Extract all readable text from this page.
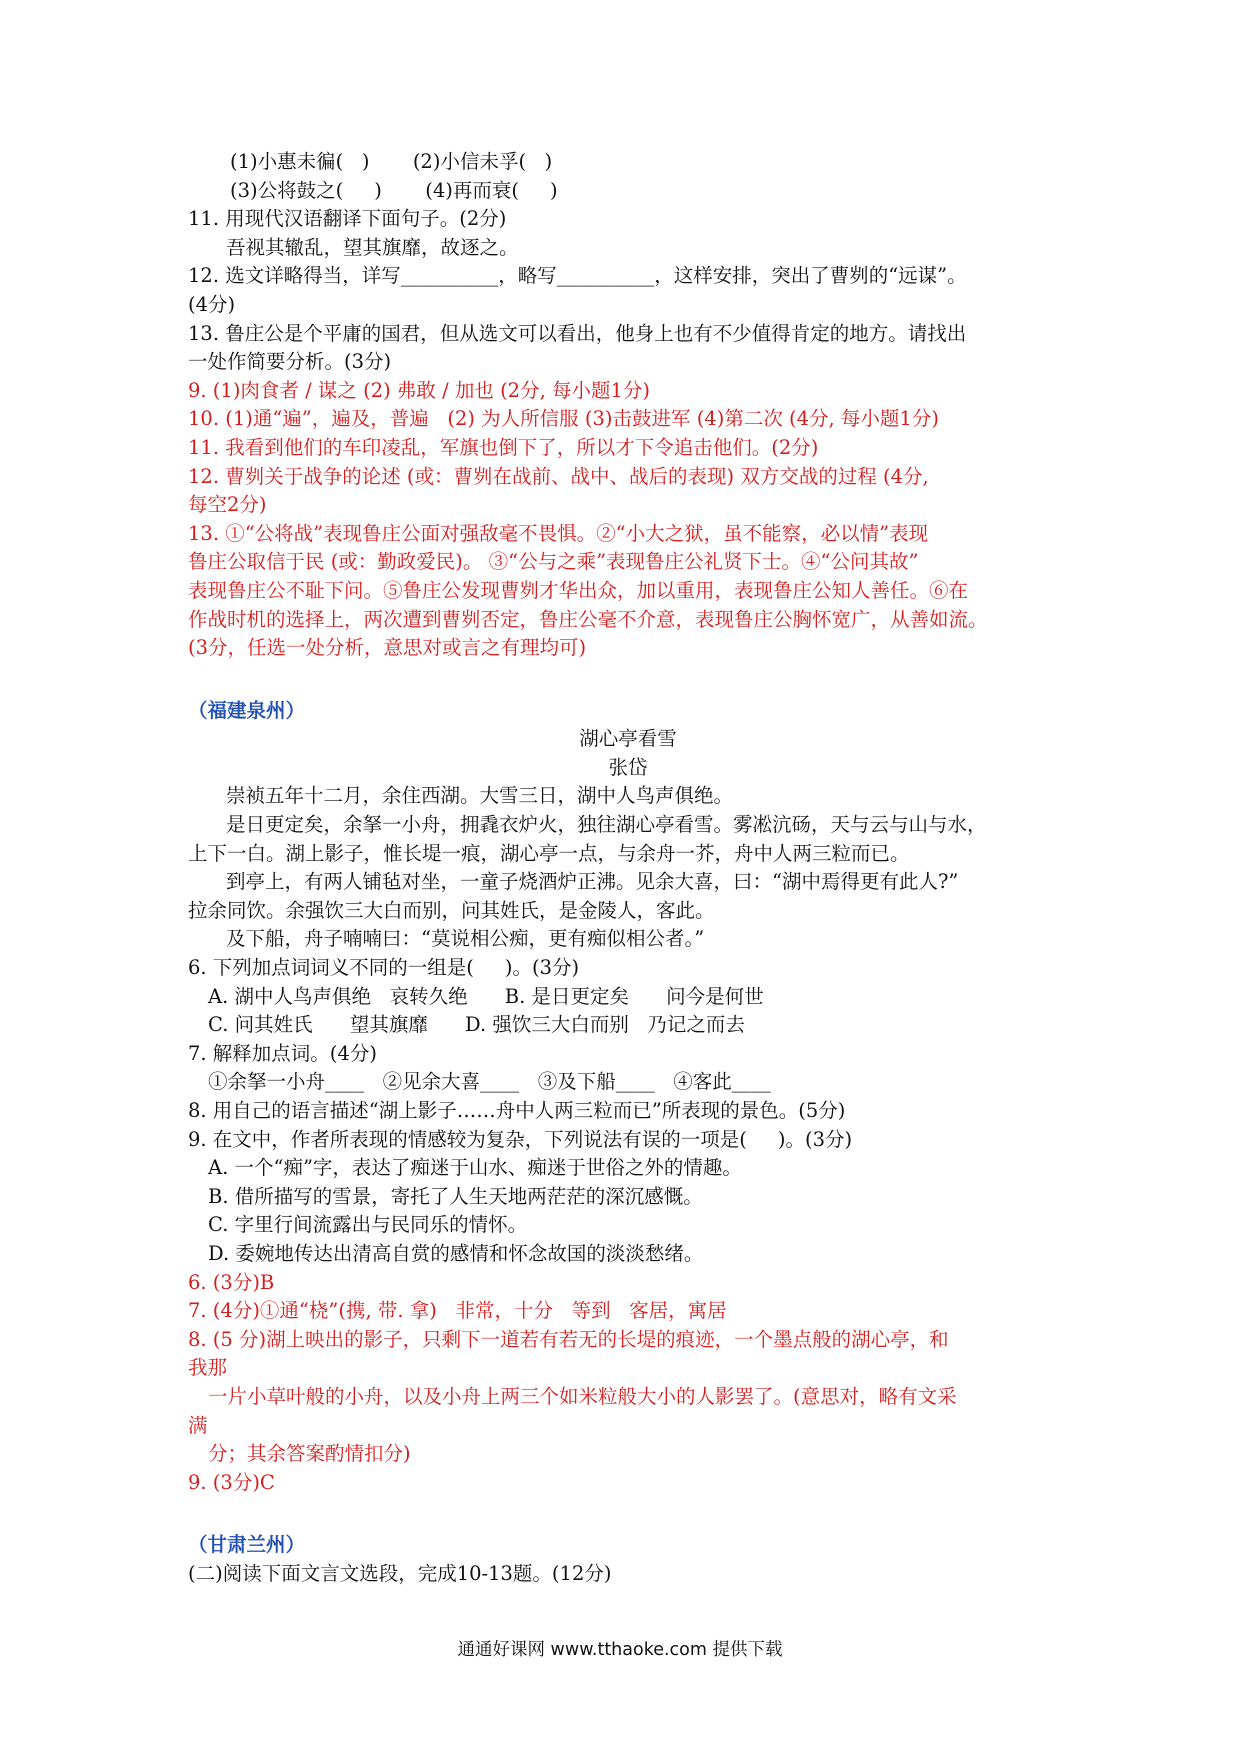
(1)小惠未徧(   )       (2)小信未孚(   )
(3)公将鼓之(     )       (4)再而衰(     )
11. 用现代汉语翻译下面句子。(2分)
吾视其辙乱，望其旗靡，故逐之。
12. 选文详略得当，详写__________，略写__________，这样安排，突出了曹刿的“远谋”。
(4分)
13. 鲁庄公是个平庸的国君，但从选文可以看出，他身上也有不少值得肯定的地方。请找出
一处作简要分析。(3分)
9. (1)肉食者 / 谋之 (2) 弗敢 / 加也 (2分, 每小题1分)
10. (1)通“遍”，遍及，普遍   (2) 为人所信服 (3)击鼓进军 (4)第二次 (4分, 每小题1分)
11. 我看到他们的车印凌乱，军旗也倒下了，所以才下令追击他们。(2分)
12. 曹刿关于战争的论述 (或：曹刿在战前、战中、战后的表现) 双方交战的过程 (4分,
每空2分)
13. ①“公将战”表现鲁庄公面对强敌毫不畏惧。②“小大之狱，虽不能察，必以情”表现
鲁庄公取信于民 (或：勤政爱民)。 ③“公与之乘”表现鲁庄公礼贤下士。④“公问其故”
表现鲁庄公不耻下问。⑤鲁庄公发现曹刿才华出众，加以重用，表现鲁庄公知人善任。⑥在
作战时机的选择上，两次遭到曹刿否定，鲁庄公毫不介意，表现鲁庄公胸怀宽广，从善如流。
(3分，任选一处分析，意思对或言之有理均可)

（福建泉州）
湖心亭看雪
张岱
崇祯五年十二月，余住西湖。大雪三日，湖中人鸟声俱绝。
是日更定矣，余拏一小舟，拥毳衣炉火，独往湖心亭看雪。雾凇沆砀，天与云与山与水，
上下一白。湖上影子，惟长堤一痕，湖心亭一点，与余舟一芥，舟中人两三粒而已。
到亭上，有两人铺毡对坐，一童子烧酒炉正沸。见余大喜，曰：“湖中焉得更有此人?”
拉余同饮。余强饮三大白而别，问其姓氏，是金陵人，客此。
及下船，舟子喃喃曰：“莫说相公痴，更有痴似相公者。”
6. 下列加点词词义不同的一组是(     )。(3分)
A. 湖中人鸟声俱绝   哀转久绝      B. 是日更定矣      问今是何世
C. 问其姓氏      望其旗靡      D. 强饮三大白而别   乃记之而去
7. 解释加点词。(4分)
①余拏一小舟____   ②见余大喜____   ③及下船____   ④客此____
8. 用自己的语言描述“湖上影子……舟中人两三粒而已”所表现的景色。(5分)
9. 在文中，作者所表现的情感较为复杂，下列说法有误的一项是(     )。(3分)
A. 一个“痴”字，表达了痴迷于山水、痴迷于世俗之外的情趣。
B. 借所描写的雪景，寄托了人生天地两茫茫的深沉感慨。
C. 字里行间流露出与民同乐的情怀。
D. 委婉地传达出清高自赏的感情和怀念故国的淡淡愁绪。
6. (3分)B
7. (4分)①通“桡”(携, 带. 拿)   非常，十分   等到   客居，寓居
8. (5 分)湖上映出的影子，只剩下一道若有若无的长堤的痕迹，一个墨点般的湖心亭，和
我那
一片小草叶般的小舟，以及小舟上两三个如米粒般大小的人影罢了。(意思对，略有文采
满
分；其余答案酌情扣分)
9. (3分)C

（甘肃兰州）
(二)阅读下面文言文选段，完成10-13题。(12分)
通通好课网 www.tthaoke.com 提供下载
